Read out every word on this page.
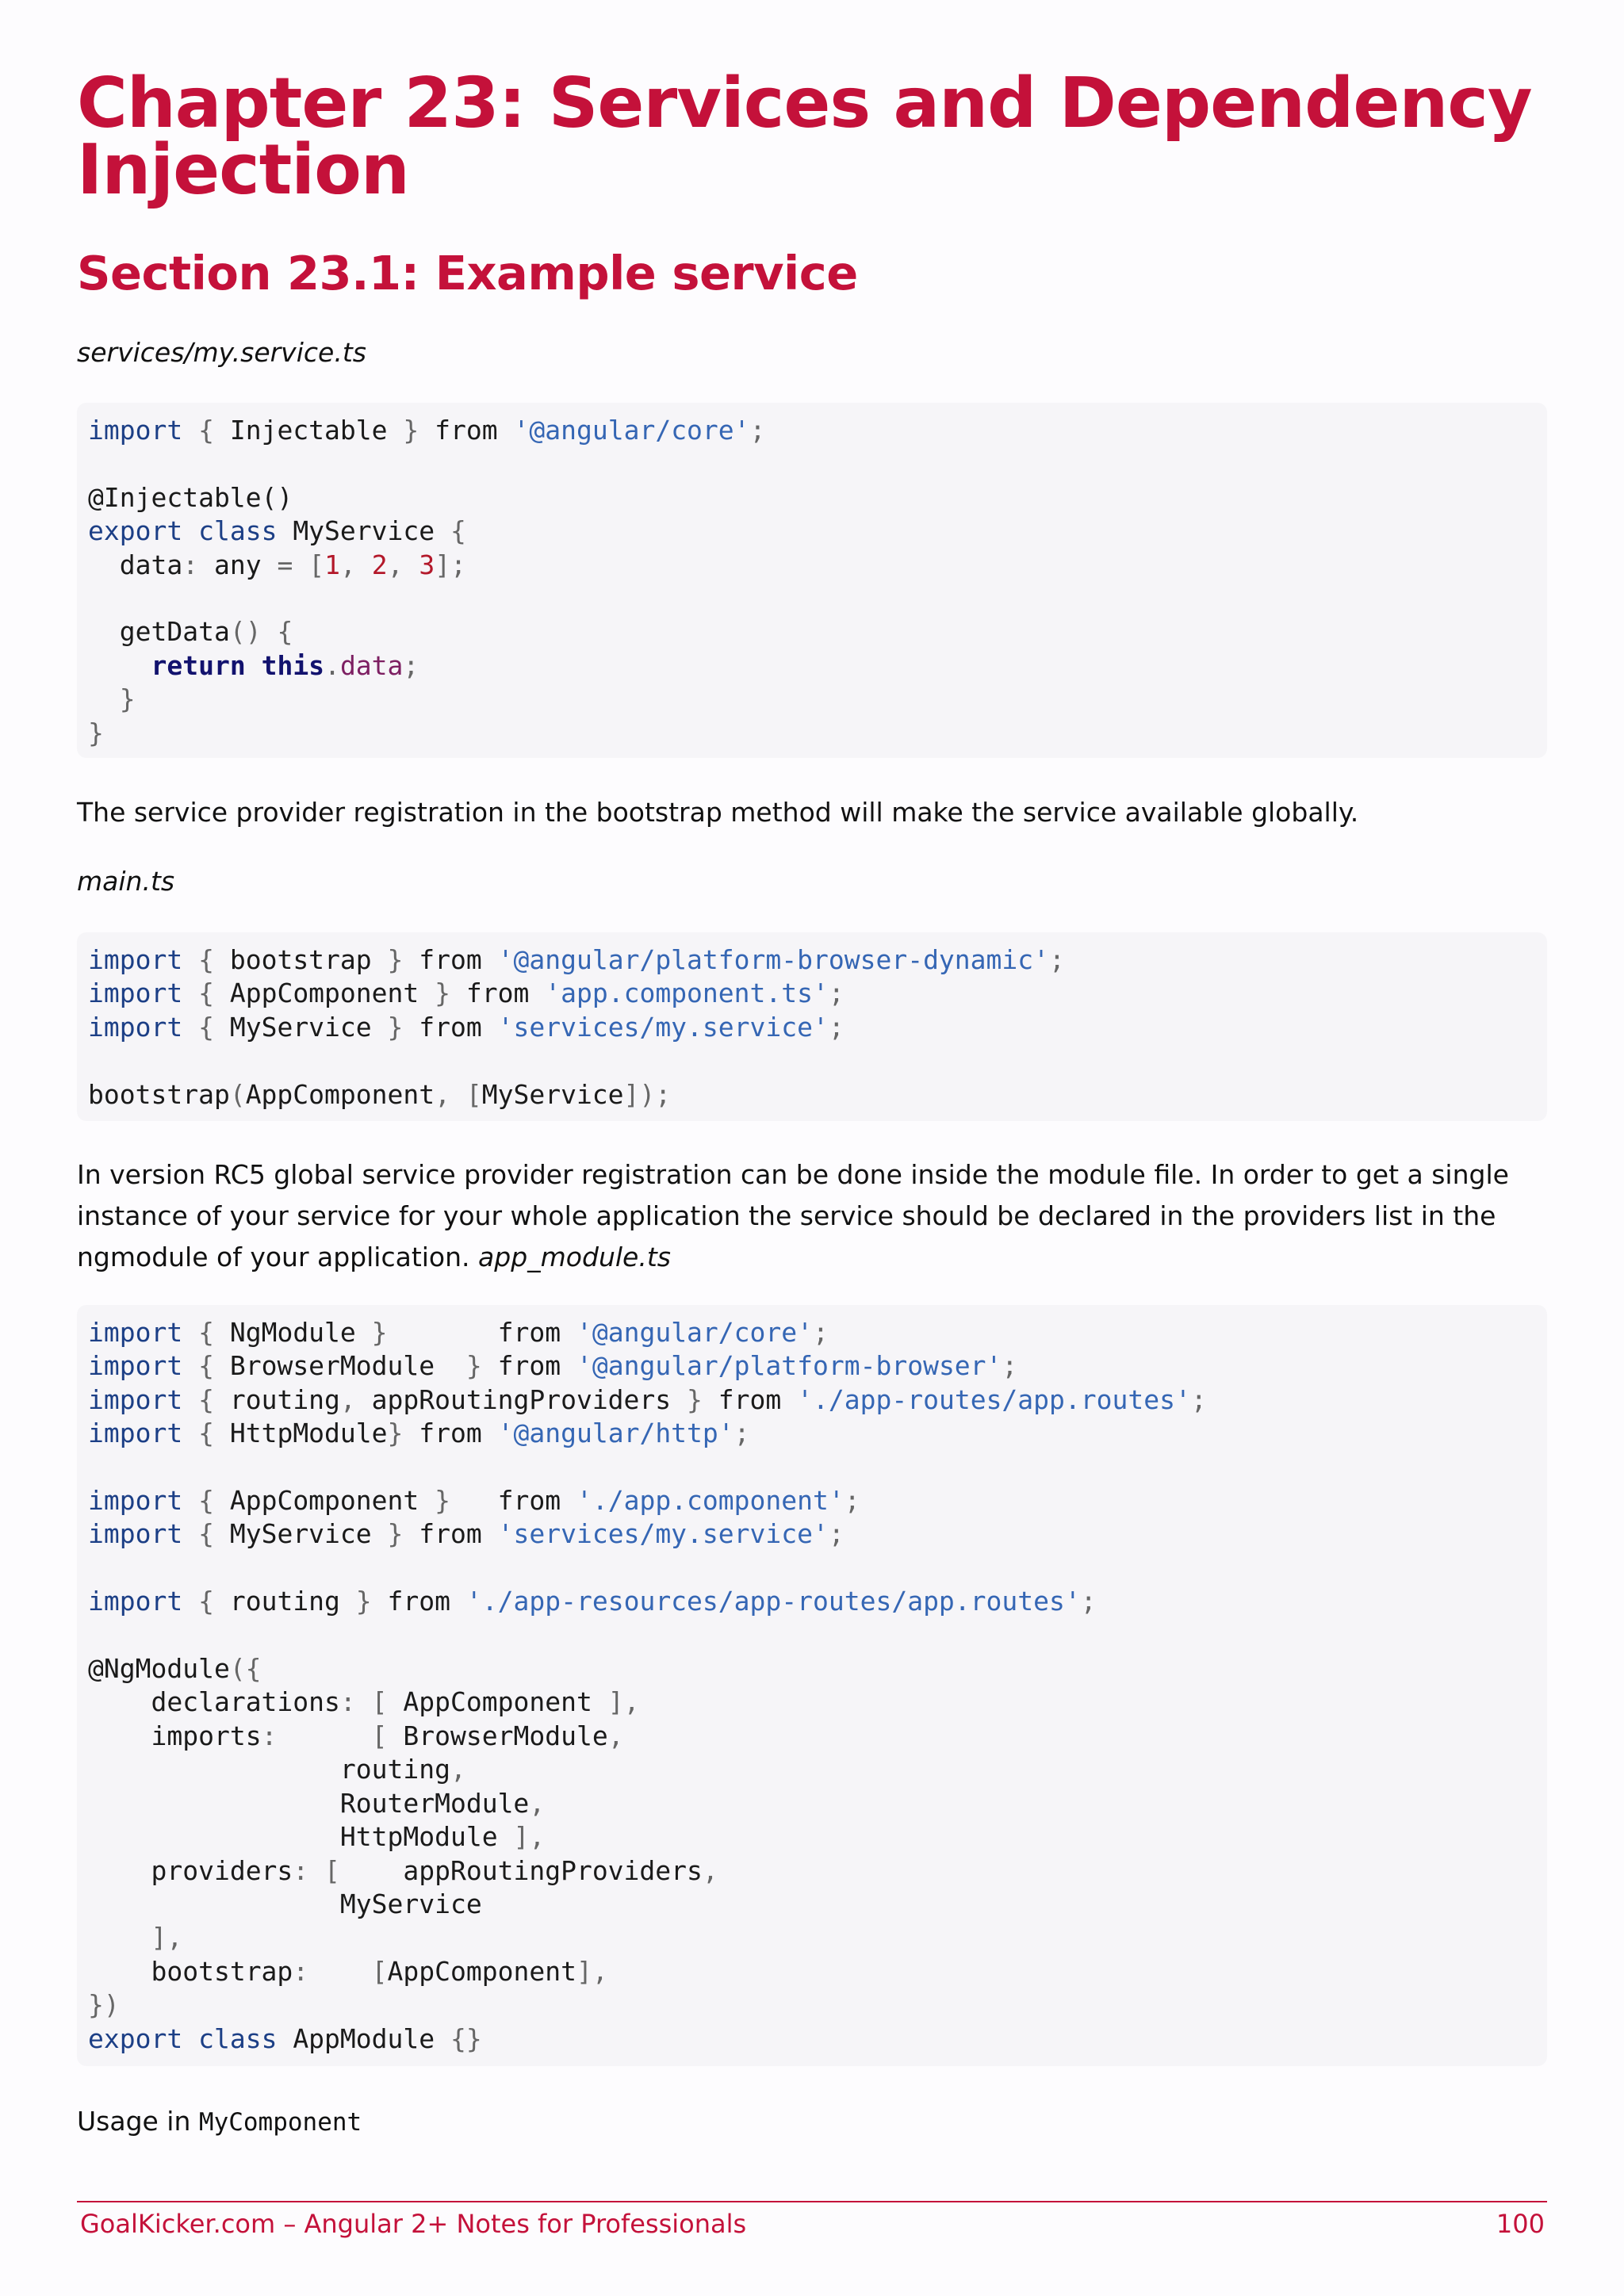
Chapter 23: Services and Dependency Injection
Section 23.1: Example service

services/my.service.ts

import { Injectable } from '@angular/core';

@Injectable()
export class MyService {
data: any = [1, 2, 3];

getData() {
return this.data;
}
}

The service provider registration in the bootstrap method will make the service available globally.

main.ts

import { bootstrap } from '@angular/platform-browser-dynamic';
import { AppComponent } from 'app.component.ts';
import { MyService } from 'services/my.service';

bootstrap(AppComponent, [MyService]);

In version RC5 global service provider registration can be done inside the module file. In order to get a single instance of your service for your whole application the service should be declared in the providers list in the ngmodule of your application. app_module.ts

import { NgModule }	from '@angular/core';
import { BrowserModule } from '@angular/platform-browser';
import { routing, appRoutingProviders } from './app-routes/app.routes';
import { HttpModule} from '@angular/http';

import { AppComponent } from './app.component';
import { MyService } from 'services/my.service';

import { routing } from './app-resources/app-routes/app.routes';

@NgModule({
declarations: [ AppComponent ],
imports:	[ BrowserModule,
routing,
RouterModule,
HttpModule ],
providers: [ appRoutingProviders,
MyService
],
bootstrap: [AppComponent],
})
export class AppModule {}

Usage in MyComponent

GoalKicker.com – Angular 2+ Notes for Professionals	100
